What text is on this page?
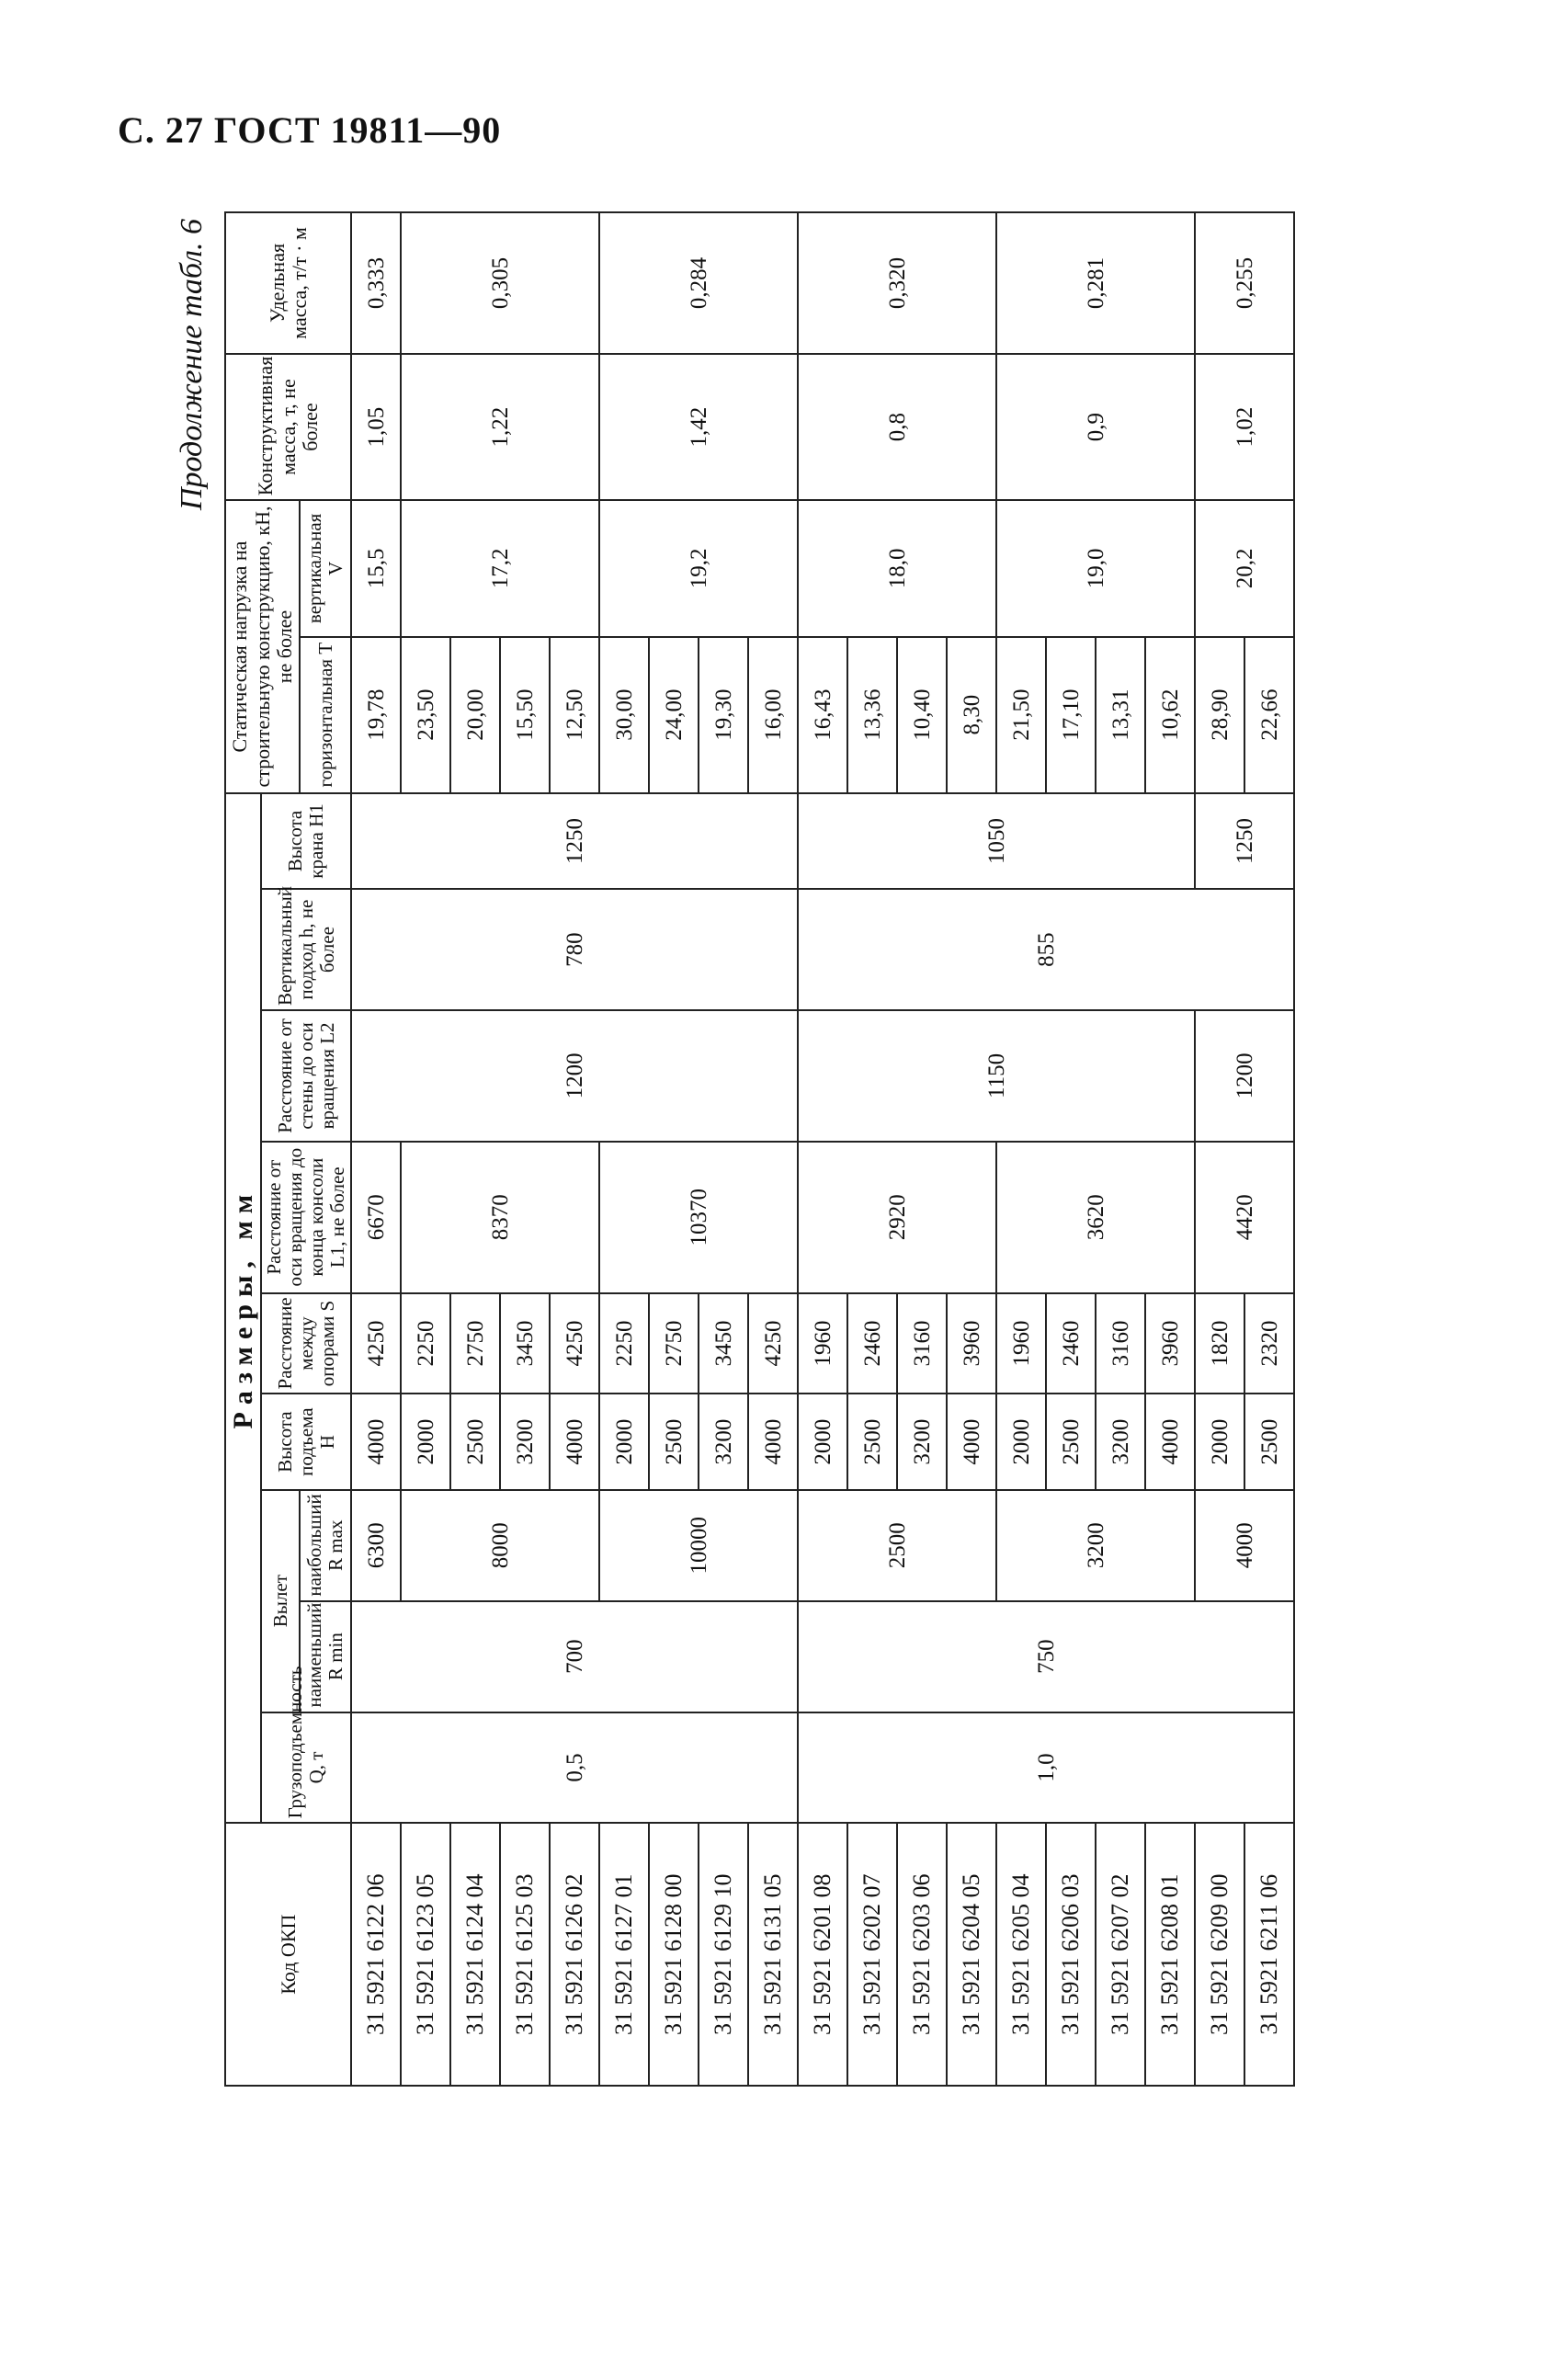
С. 27 ГОСТ 19811—90
Продолжение табл. 6
Код ОКП	Размеры, мм									Статическая нагрузка на строительную конструкцию, кН, не более		Конструктивная масса, т, не более	Удельная масса, т/т · м
	Грузоподъемность Q, т	Вылет		Высота подъема H	Расстояние между опорами S	Расстояние от оси вращения до конца консоли L1, не более	Расстояние от стены до оси вращения L2	Вертикальный подход h, не более	Высота крана H1				
		наименьший R min	наибольший R max							горизонтальная T	вертикальная V		
31 5921 6122 06	0,5	700	6300	4000	4250	6670	1200	780	1250	19,78	15,5	1,05	0,333
31 5921 6123 05			8000	2000	2250	8370				23,50	17,2	1,22	0,305
31 5921 6124 04				2500	2750					20,00			
31 5921 6125 03				3200	3450					15,50			
31 5921 6126 02				4000	4250					12,50			
31 5921 6127 01			10000	2000	2250	10370				30,00	19,2	1,42	0,284
31 5921 6128 00				2500	2750					24,00			
31 5921 6129 10				3200	3450					19,30			
31 5921 6131 05				4000	4250					16,00			
31 5921 6201 08	1,0	750	2500	2000	1960	2920	1150	855	1050	16,43	18,0	0,8	0,320
31 5921 6202 07				2500	2460					13,36			
31 5921 6203 06				3200	3160					10,40			
31 5921 6204 05				4000	3960					8,30			
31 5921 6205 04			3200	2000	1960	3620				21,50	19,0	0,9	0,281
31 5921 6206 03				2500	2460					17,10			
31 5921 6207 02				3200	3160					13,31			
31 5921 6208 01				4000	3960					10,62			
31 5921 6209 00			4000	2000	1820	4420	1200		1250	28,90	20,2	1,02	0,255
31 5921 6211 06				2500	2320					22,66			
